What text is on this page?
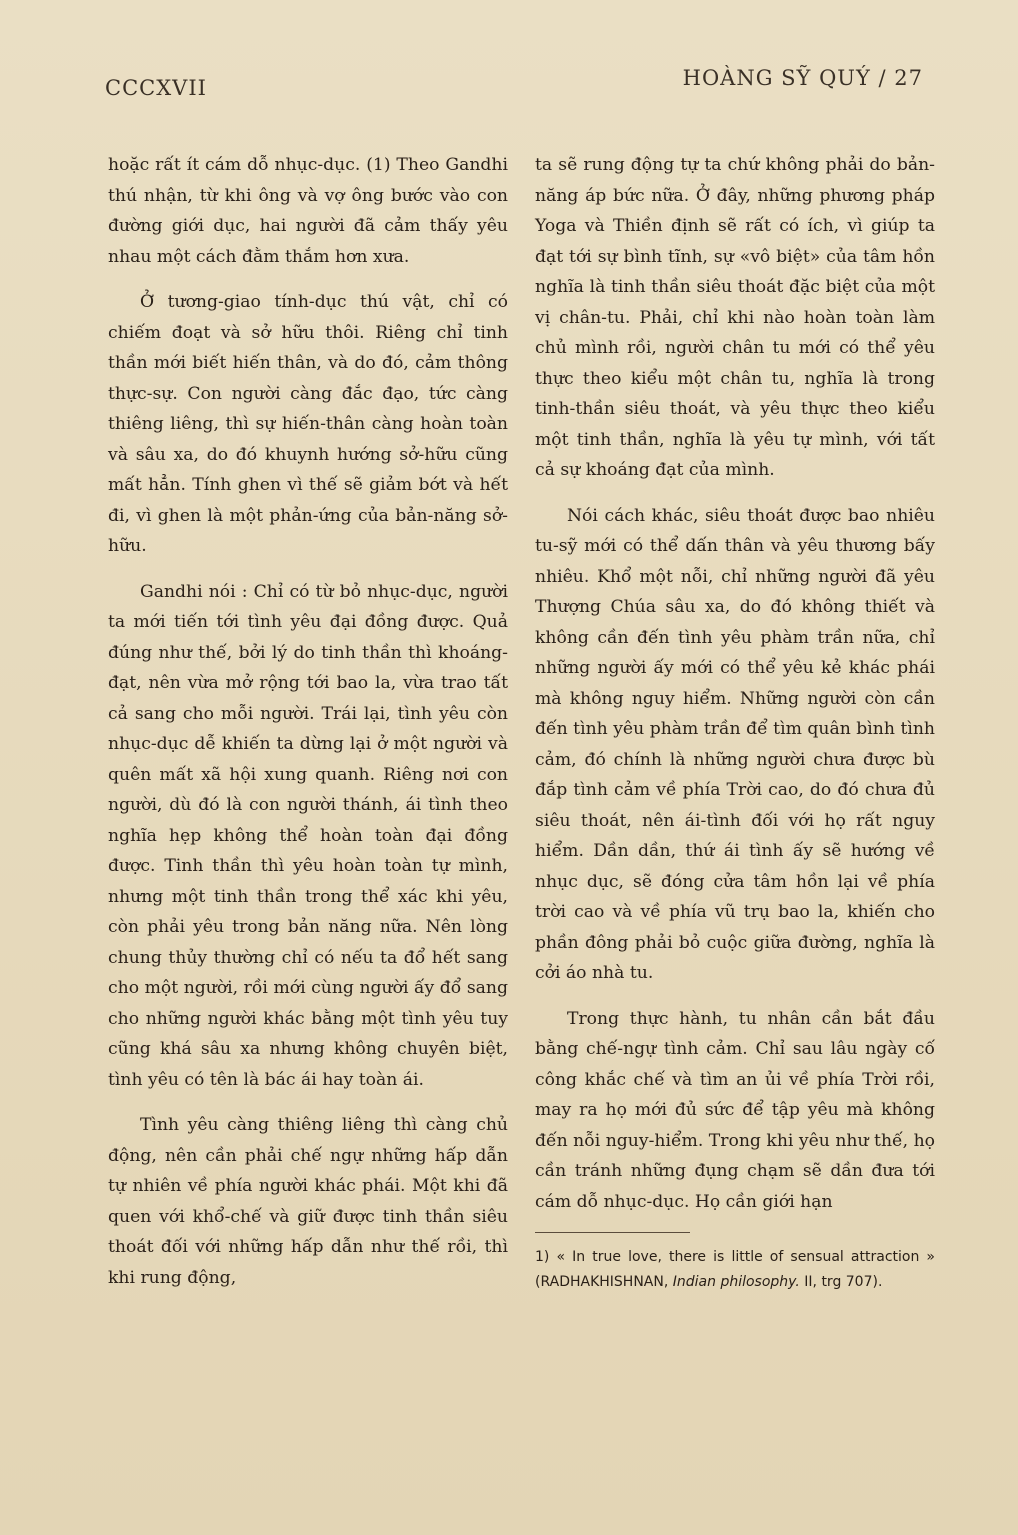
CCCXVII	HOÀNG SỸ QUÝ / 27

hoặc rất ít cám dỗ nhục-dục. (1) Theo Gandhi thú nhận, từ khi ông và vợ ông bước vào con đường giới dục, hai người đã cảm thấy yêu nhau một cách đằm thắm hơn xưa.

Ở tương-giao tính-dục thú vật, chỉ có chiếm đoạt và sở hữu thôi. Riêng chỉ tinh thần mới biết hiến thân, và do đó, cảm thông thực-sự. Con người càng đắc đạo, tức càng thiêng liêng, thì sự hiến-thân càng hoàn toàn và sâu xa, do đó khuynh hướng sở-hữu cũng mất hẳn. Tính ghen vì thế sẽ giảm bớt và hết đi, vì ghen là một phản-ứng của bản-năng sở-hữu.

Gandhi nói : Chỉ có từ bỏ nhục-dục, người ta mới tiến tới tình yêu đại đồng được. Quả đúng như thế, bởi lý do tinh thần thì khoáng-đạt, nên vừa mở rộng tới bao la, vừa trao tất cả sang cho mỗi người. Trái lại, tình yêu còn nhục-dục dễ khiến ta dừng lại ở một người và quên mất xã hội xung quanh. Riêng nơi con người, dù đó là con người thánh, ái tình theo nghĩa hẹp không thể hoàn toàn đại đồng được. Tinh thần thì yêu hoàn toàn tự mình, nhưng một tinh thần trong thể xác khi yêu, còn phải yêu trong bản năng nữa. Nên lòng chung thủy thường chỉ có nếu ta đổ hết sang cho một người, rồi mới cùng người ấy đổ sang cho những người khác bằng một tình yêu tuy cũng khá sâu xa nhưng không chuyên biệt, tình yêu có tên là bác ái hay toàn ái.

Tình yêu càng thiêng liêng thì càng chủ động, nên cần phải chế ngự những hấp dẫn tự nhiên về phía người khác phái. Một khi đã quen với khổ-chế và giữ được tinh thần siêu thoát đối với những hấp dẫn như thế rồi, thì khi rung động,

ta sẽ rung động tự ta chứ không phải do bản-năng áp bức nữa. Ở đây, những phương pháp Yoga và Thiền định sẽ rất có ích, vì giúp ta đạt tới sự bình tĩnh, sự «vô biệt» của tâm hồn nghĩa là tinh thần siêu thoát đặc biệt của một vị chân-tu. Phải, chỉ khi nào hoàn toàn làm chủ mình rồi, người chân tu mới có thể yêu thực theo kiểu một chân tu, nghĩa là trong tinh-thần siêu thoát, và yêu thực theo kiểu một tinh thần, nghĩa là yêu tự mình, với tất cả sự khoáng đạt của mình.

Nói cách khác, siêu thoát được bao nhiêu tu-sỹ mới có thể dấn thân và yêu thương bấy nhiêu. Khổ một nỗi, chỉ những người đã yêu Thượng Chúa sâu xa, do đó không thiết và không cần đến tình yêu phàm trần nữa, chỉ những người ấy mới có thể yêu kẻ khác phái mà không nguy hiểm. Những người còn cần đến tình yêu phàm trần để tìm quân bình tình cảm, đó chính là những người chưa được bù đắp tình cảm về phía Trời cao, do đó chưa đủ siêu thoát, nên ái-tình đối với họ rất nguy hiểm. Dần dần, thứ ái tình ấy sẽ hướng về nhục dục, sẽ đóng cửa tâm hồn lại về phía trời cao và về phía vũ trụ bao la, khiến cho phần đông phải bỏ cuộc giữa đường, nghĩa là cởi áo nhà tu.

Trong thực hành, tu nhân cần bắt đầu bằng chế-ngự tình cảm. Chỉ sau lâu ngày cố công khắc chế và tìm an ủi về phía Trời rồi, may ra họ mới đủ sức để tập yêu mà không đến nỗi nguy-hiểm. Trong khi yêu như thế, họ cần tránh những đụng chạm sẽ dần đưa tới cám dỗ nhục-dục. Họ cần giới hạn

1) « In true love, there is little of sensual attraction » (RADHAKHISHNAN, Indian philosophy. II, trg 707).
